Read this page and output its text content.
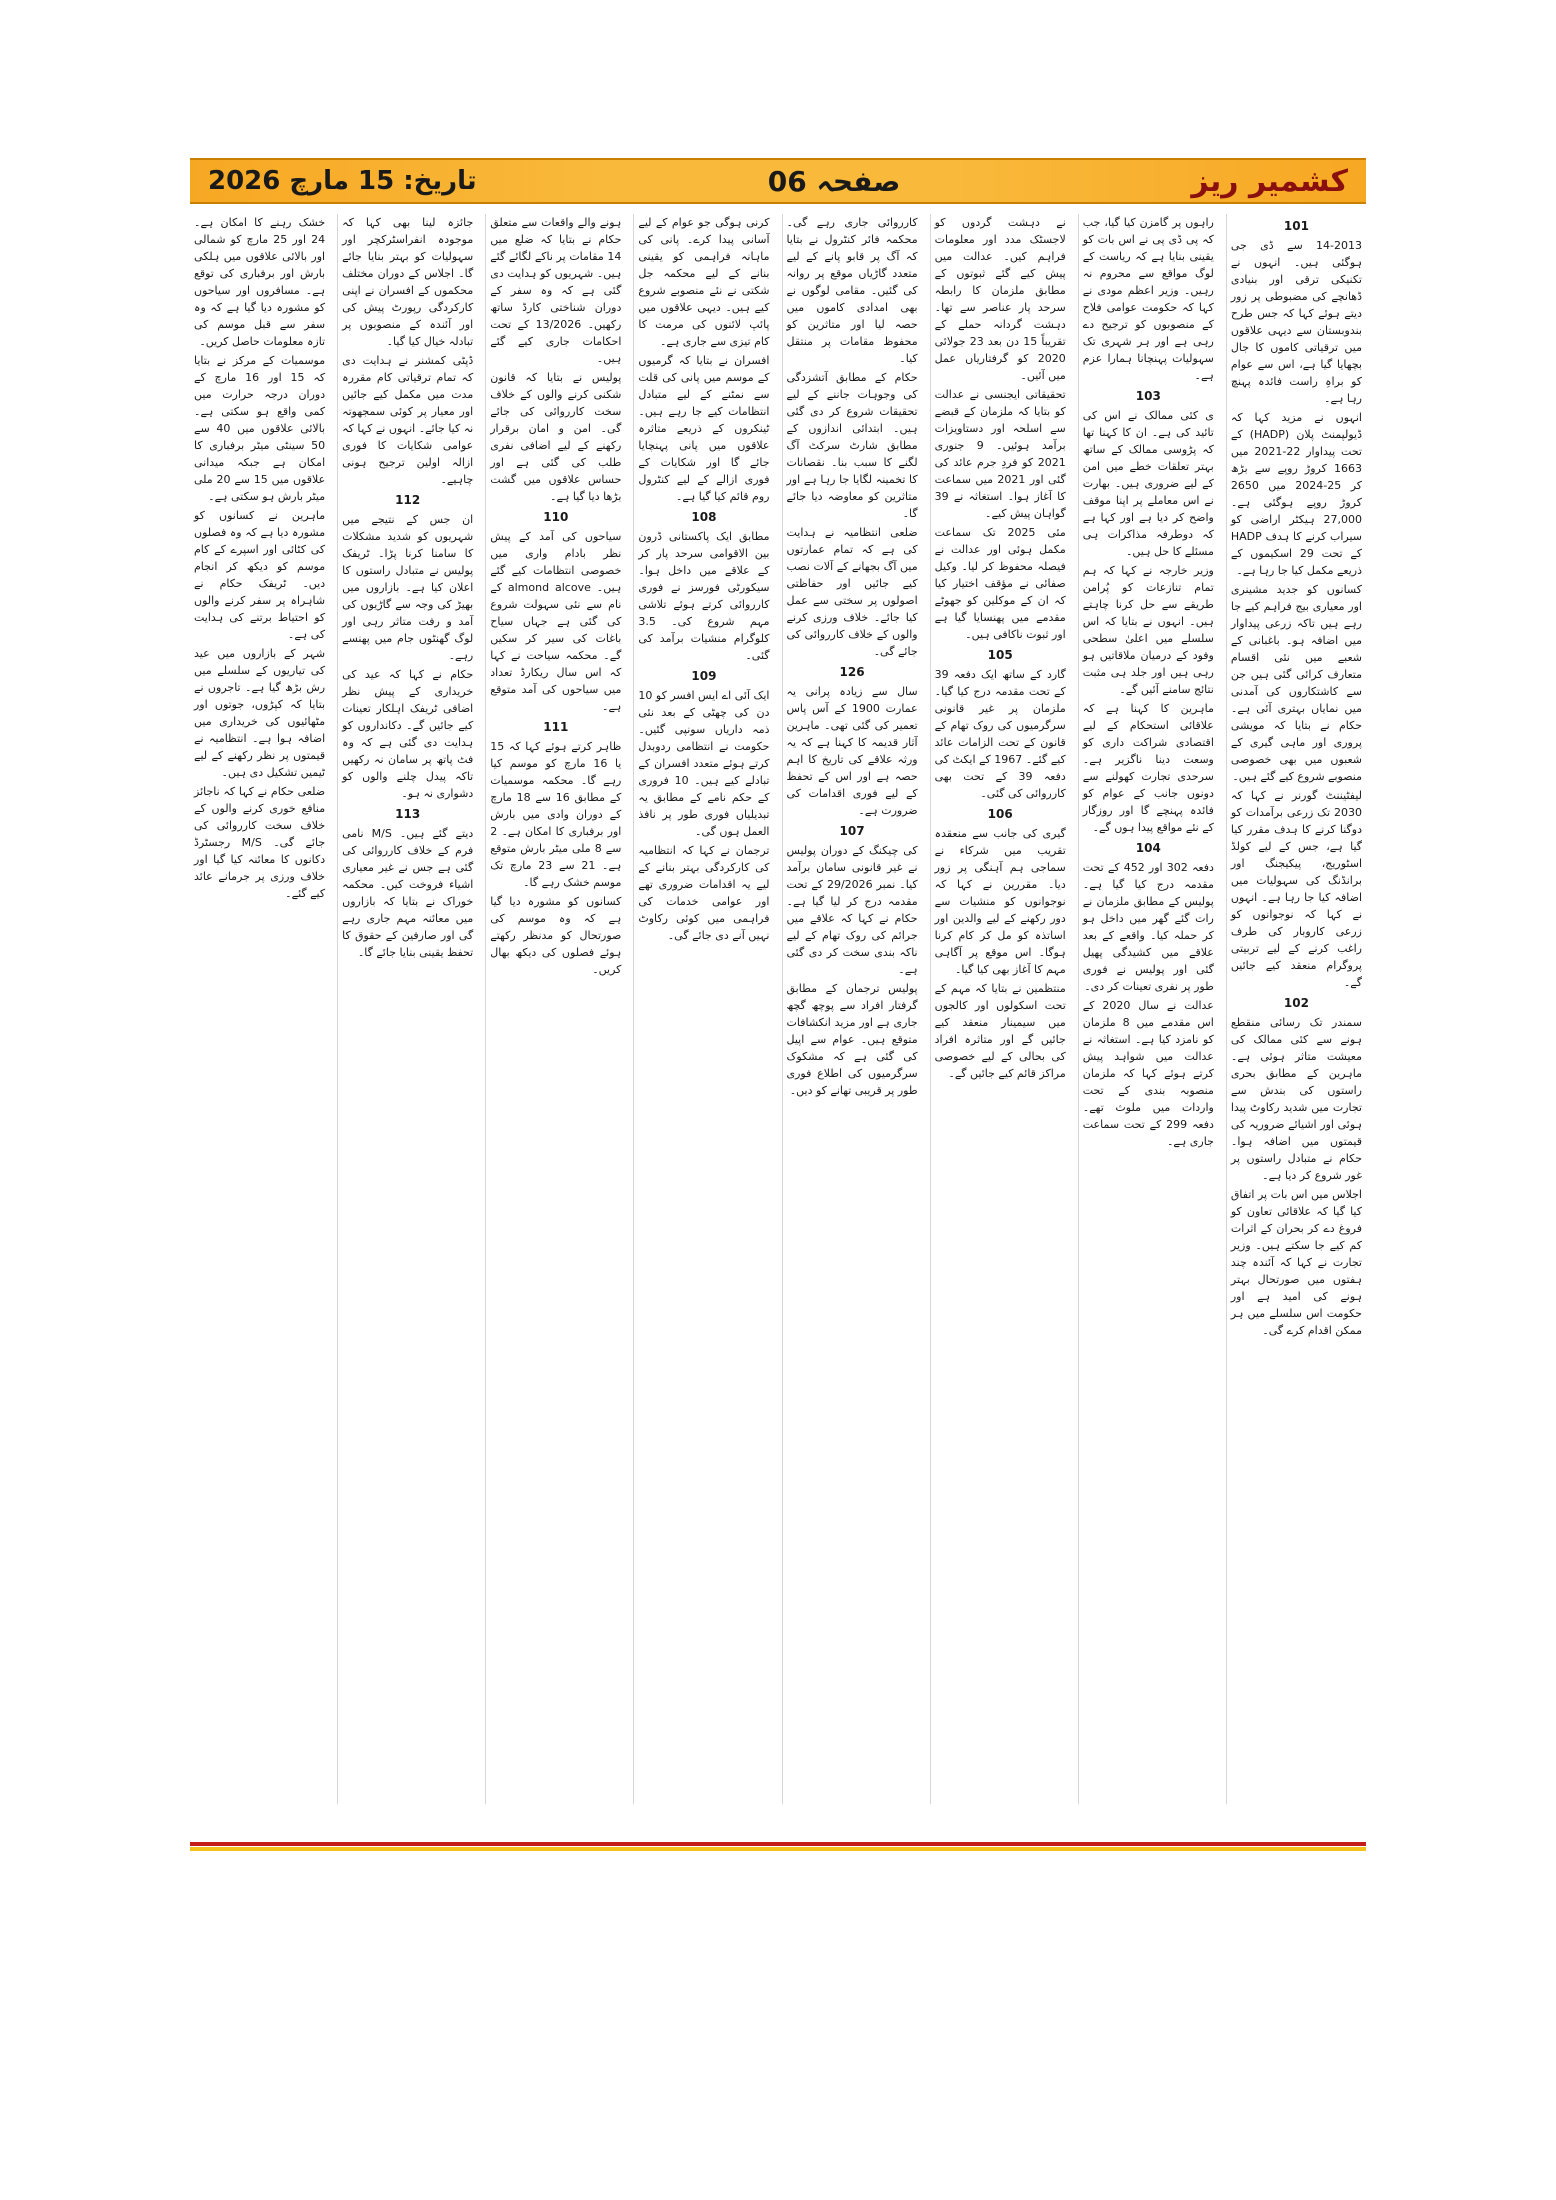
تاریخ: 15 مارچ 2026	صفحہ 06	کشمیر ریز
101

14-2013 سے ڈی جی ہوگئی ہیں۔ انہوں نے تکنیکی ترقی اور بنیادی ڈھانچے کی مضبوطی پر زور دیتے ہوئے کہا کہ جس طرح بندوبستان سے دیہی علاقوں میں ترقیاتی کاموں کا جال بچھایا گیا ہے، اس سے عوام کو براہِ راست فائدہ پہنچ رہا ہے۔

انہوں نے مزید کہا کہ ڈیولپمنٹ پلان (HADP) کے تحت پیداوار 22-2021 میں 1663 کروڑ روپے سے بڑھ کر 25-2024 میں 2650 کروڑ روپے ہوگئی ہے۔ 27,000 ہیکٹر اراضی کو سیراب کرنے کا ہدف HADP کے تحت 29 اسکیموں کے ذریعے مکمل کیا جا رہا ہے۔

کسانوں کو جدید مشینری اور معیاری بیج فراہم کیے جا رہے ہیں تاکہ زرعی پیداوار میں اضافہ ہو۔ باغبانی کے شعبے میں نئی اقسام متعارف کرائی گئی ہیں جن سے کاشتکاروں کی آمدنی میں نمایاں بہتری آئی ہے۔ حکام نے بتایا کہ مویشی پروری اور ماہی گیری کے شعبوں میں بھی خصوصی منصوبے شروع کیے گئے ہیں۔

لیفٹیننٹ گورنر نے کہا کہ 2030 تک زرعی برآمدات کو دوگنا کرنے کا ہدف مقرر کیا گیا ہے، جس کے لیے کولڈ اسٹوریج، پیکیجنگ اور برانڈنگ کی سہولیات میں اضافہ کیا جا رہا ہے۔ انہوں نے کہا کہ نوجوانوں کو زرعی کاروبار کی طرف راغب کرنے کے لیے تربیتی پروگرام منعقد کیے جائیں گے۔

102

سمندر تک رسائی منقطع ہونے سے کئی ممالک کی معیشت متاثر ہوئی ہے۔ ماہرین کے مطابق بحری راستوں کی بندش سے تجارت میں شدید رکاوٹ پیدا ہوئی اور اشیائے ضروریہ کی قیمتوں میں اضافہ ہوا۔ حکام نے متبادل راستوں پر غور شروع کر دیا ہے۔

اجلاس میں اس بات پر اتفاق کیا گیا کہ علاقائی تعاون کو فروغ دے کر بحران کے اثرات کم کیے جا سکتے ہیں۔ وزیر تجارت نے کہا کہ آئندہ چند ہفتوں میں صورتحال بہتر ہونے کی امید ہے اور حکومت اس سلسلے میں ہر ممکن اقدام کرے گی۔

راہوں پر گامزن کیا گیا، جب کہ پی ڈی پی نے اس بات کو یقینی بنایا ہے کہ ریاست کے لوگ مواقع سے محروم نہ رہیں۔ وزیر اعظم مودی نے کہا کہ حکومت عوامی فلاح کے منصوبوں کو ترجیح دے رہی ہے اور ہر شہری تک سہولیات پہنچانا ہمارا عزم ہے۔

103

ی کئی ممالک نے اس کی تائید کی ہے۔ ان کا کہنا تھا کہ پڑوسی ممالک کے ساتھ بہتر تعلقات خطے میں امن کے لیے ضروری ہیں۔ بھارت نے اس معاملے پر اپنا موقف واضح کر دیا ہے اور کہا ہے کہ دوطرفہ مذاکرات ہی مسئلے کا حل ہیں۔

وزیر خارجہ نے کہا کہ ہم تمام تنازعات کو پُرامن طریقے سے حل کرنا چاہتے ہیں۔ انہوں نے بتایا کہ اس سلسلے میں اعلیٰ سطحی وفود کے درمیان ملاقاتیں ہو رہی ہیں اور جلد ہی مثبت نتائج سامنے آئیں گے۔

ماہرین کا کہنا ہے کہ علاقائی استحکام کے لیے اقتصادی شراکت داری کو وسعت دینا ناگزیر ہے۔ سرحدی تجارت کھولنے سے دونوں جانب کے عوام کو فائدہ پہنچے گا اور روزگار کے نئے مواقع پیدا ہوں گے۔

104

دفعہ 302 اور 452 کے تحت مقدمہ درج کیا گیا ہے۔ پولیس کے مطابق ملزمان نے رات گئے گھر میں داخل ہو کر حملہ کیا۔ واقعے کے بعد علاقے میں کشیدگی پھیل گئی اور پولیس نے فوری طور پر نفری تعینات کر دی۔

عدالت نے سال 2020 کے اس مقدمے میں 8 ملزمان کو نامزد کیا ہے۔ استغاثہ نے عدالت میں شواہد پیش کرتے ہوئے کہا کہ ملزمان منصوبہ بندی کے تحت واردات میں ملوث تھے۔ دفعہ 299 کے تحت سماعت جاری ہے۔

نے دہشت گردوں کو لاجسٹک مدد اور معلومات فراہم کیں۔ عدالت میں پیش کیے گئے ثبوتوں کے مطابق ملزمان کا رابطہ سرحد پار عناصر سے تھا۔ دہشت گردانہ حملے کے تقریباً 15 دن بعد 23 جولائی 2020 کو گرفتاریاں عمل میں آئیں۔

تحقیقاتی ایجنسی نے عدالت کو بتایا کہ ملزمان کے قبضے سے اسلحہ اور دستاویزات برآمد ہوئیں۔ 9 جنوری 2021 کو فردِ جرم عائد کی گئی اور 2021 میں سماعت کا آغاز ہوا۔ استغاثہ نے 39 گواہان پیش کیے۔

مئی 2025 تک سماعت مکمل ہوئی اور عدالت نے فیصلہ محفوظ کر لیا۔ وکیل صفائی نے مؤقف اختیار کیا کہ ان کے موکلین کو جھوٹے مقدمے میں پھنسایا گیا ہے اور ثبوت ناکافی ہیں۔

105

گارد کے ساتھ ایک دفعہ 39 کے تحت مقدمہ درج کیا گیا۔ ملزمان پر غیر قانونی سرگرمیوں کی روک تھام کے قانون کے تحت الزامات عائد کیے گئے۔ 1967 کے ایکٹ کی دفعہ 39 کے تحت بھی کارروائی کی گئی۔

106

گیری کی جانب سے منعقدہ تقریب میں شرکاء نے سماجی ہم آہنگی پر زور دیا۔ مقررین نے کہا کہ نوجوانوں کو منشیات سے دور رکھنے کے لیے والدین اور اساتذہ کو مل کر کام کرنا ہوگا۔ اس موقع پر آگاہی مہم کا آغاز بھی کیا گیا۔

منتظمین نے بتایا کہ مہم کے تحت اسکولوں اور کالجوں میں سیمینار منعقد کیے جائیں گے اور متاثرہ افراد کی بحالی کے لیے خصوصی مراکز قائم کیے جائیں گے۔

کارروائی جاری رہے گی۔ محکمہ فائر کنٹرول نے بتایا کہ آگ پر قابو پانے کے لیے متعدد گاڑیاں موقع پر روانہ کی گئیں۔ مقامی لوگوں نے بھی امدادی کاموں میں حصہ لیا اور متاثرین کو محفوظ مقامات پر منتقل کیا۔

حکام کے مطابق آتشزدگی کی وجوہات جاننے کے لیے تحقیقات شروع کر دی گئی ہیں۔ ابتدائی اندازوں کے مطابق شارٹ سرکٹ آگ لگنے کا سبب بنا۔ نقصانات کا تخمینہ لگایا جا رہا ہے اور متاثرین کو معاوضہ دیا جائے گا۔

ضلعی انتظامیہ نے ہدایت کی ہے کہ تمام عمارتوں میں آگ بجھانے کے آلات نصب کیے جائیں اور حفاظتی اصولوں پر سختی سے عمل کیا جائے۔ خلاف ورزی کرنے والوں کے خلاف کارروائی کی جائے گی۔

126

سال سے زیادہ پرانی یہ عمارت 1900 کے آس پاس تعمیر کی گئی تھی۔ ماہرین آثار قدیمہ کا کہنا ہے کہ یہ ورثہ علاقے کی تاریخ کا اہم حصہ ہے اور اس کے تحفظ کے لیے فوری اقدامات کی ضرورت ہے۔

107

کی چیکنگ کے دوران پولیس نے غیر قانونی سامان برآمد کیا۔ نمبر 29/2026 کے تحت مقدمہ درج کر لیا گیا ہے۔ حکام نے کہا کہ علاقے میں جرائم کی روک تھام کے لیے ناکہ بندی سخت کر دی گئی ہے۔

پولیس ترجمان کے مطابق گرفتار افراد سے پوچھ گچھ جاری ہے اور مزید انکشافات متوقع ہیں۔ عوام سے اپیل کی گئی ہے کہ مشکوک سرگرمیوں کی اطلاع فوری طور پر قریبی تھانے کو دیں۔

کرنی ہوگی جو عوام کے لیے آسانی پیدا کرے۔ پانی کی ماہانہ فراہمی کو یقینی بنانے کے لیے محکمہ جل شکتی نے نئے منصوبے شروع کیے ہیں۔ دیہی علاقوں میں پائپ لائنوں کی مرمت کا کام تیزی سے جاری ہے۔

افسران نے بتایا کہ گرمیوں کے موسم میں پانی کی قلت سے نمٹنے کے لیے متبادل انتظامات کیے جا رہے ہیں۔ ٹینکروں کے ذریعے متاثرہ علاقوں میں پانی پہنچایا جائے گا اور شکایات کے فوری ازالے کے لیے کنٹرول روم قائم کیا گیا ہے۔

108

مطابق ایک پاکستانی ڈرون بین الاقوامی سرحد پار کر کے علاقے میں داخل ہوا۔ سیکورٹی فورسز نے فوری کارروائی کرتے ہوئے تلاشی مہم شروع کی۔ 3.5 کلوگرام منشیات برآمد کی گئی۔

109

ایک آئی اے ایس افسر کو 10 دن کی چھٹی کے بعد نئی ذمہ داریاں سونپی گئیں۔ حکومت نے انتظامی ردوبدل کرتے ہوئے متعدد افسران کے تبادلے کیے ہیں۔ 10 فروری کے حکم نامے کے مطابق یہ تبدیلیاں فوری طور پر نافذ العمل ہوں گی۔

ترجمان نے کہا کہ انتظامیہ کی کارکردگی بہتر بنانے کے لیے یہ اقدامات ضروری تھے اور عوامی خدمات کی فراہمی میں کوئی رکاوٹ نہیں آنے دی جائے گی۔

ہونے والے واقعات سے متعلق حکام نے بتایا کہ ضلع میں 14 مقامات پر ناکے لگائے گئے ہیں۔ شہریوں کو ہدایت دی گئی ہے کہ وہ سفر کے دوران شناختی کارڈ ساتھ رکھیں۔ 13/2026 کے تحت احکامات جاری کیے گئے ہیں۔

پولیس نے بتایا کہ قانون شکنی کرنے والوں کے خلاف سخت کارروائی کی جائے گی۔ امن و امان برقرار رکھنے کے لیے اضافی نفری طلب کی گئی ہے اور حساس علاقوں میں گشت بڑھا دیا گیا ہے۔

110

سیاحوں کی آمد کے پیش نظر بادام واری میں خصوصی انتظامات کیے گئے ہیں۔ almond alcove کے نام سے نئی سہولت شروع کی گئی ہے جہاں سیاح باغات کی سیر کر سکیں گے۔ محکمہ سیاحت نے کہا کہ اس سال ریکارڈ تعداد میں سیاحوں کی آمد متوقع ہے۔

111

ظاہر کرتے ہوئے کہا کہ 15 یا 16 مارچ کو موسم کیا رہے گا۔ محکمہ موسمیات کے مطابق 16 سے 18 مارچ کے دوران وادی میں بارش اور برفباری کا امکان ہے۔ 2 سے 8 ملی میٹر بارش متوقع ہے۔ 21 سے 23 مارچ تک موسم خشک رہے گا۔

کسانوں کو مشورہ دیا گیا ہے کہ وہ موسم کی صورتحال کو مدنظر رکھتے ہوئے فصلوں کی دیکھ بھال کریں۔

جائزہ لینا بھی کہا کہ موجودہ انفراسٹرکچر اور سہولیات کو بہتر بنایا جائے گا۔ اجلاس کے دوران مختلف محکموں کے افسران نے اپنی کارکردگی رپورٹ پیش کی اور آئندہ کے منصوبوں پر تبادلہ خیال کیا گیا۔

ڈپٹی کمشنر نے ہدایت دی کہ تمام ترقیاتی کام مقررہ مدت میں مکمل کیے جائیں اور معیار پر کوئی سمجھوتہ نہ کیا جائے۔ انہوں نے کہا کہ عوامی شکایات کا فوری ازالہ اولین ترجیح ہونی چاہیے۔

112

ان جس کے نتیجے میں شہریوں کو شدید مشکلات کا سامنا کرنا پڑا۔ ٹریفک پولیس نے متبادل راستوں کا اعلان کیا ہے۔ بازاروں میں بھیڑ کی وجہ سے گاڑیوں کی آمد و رفت متاثر رہی اور لوگ گھنٹوں جام میں پھنسے رہے۔

حکام نے کہا کہ عید کی خریداری کے پیش نظر اضافی ٹریفک اہلکار تعینات کیے جائیں گے۔ دکانداروں کو ہدایت دی گئی ہے کہ وہ فٹ پاتھ پر سامان نہ رکھیں تاکہ پیدل چلنے والوں کو دشواری نہ ہو۔

113

دیتے گئے ہیں۔ M/S نامی فرم کے خلاف کارروائی کی گئی ہے جس نے غیر معیاری اشیاء فروخت کیں۔ محکمہ خوراک نے بتایا کہ بازاروں میں معائنہ مہم جاری رہے گی اور صارفین کے حقوق کا تحفظ یقینی بنایا جائے گا۔

خشک رہنے کا امکان ہے۔ 24 اور 25 مارچ کو شمالی اور بالائی علاقوں میں ہلکی بارش اور برفباری کی توقع ہے۔ مسافروں اور سیاحوں کو مشورہ دیا گیا ہے کہ وہ سفر سے قبل موسم کی تازہ معلومات حاصل کریں۔

موسمیات کے مرکز نے بتایا کہ 15 اور 16 مارچ کے دوران درجہ حرارت میں کمی واقع ہو سکتی ہے۔ بالائی علاقوں میں 40 سے 50 سینٹی میٹر برفباری کا امکان ہے جبکہ میدانی علاقوں میں 15 سے 20 ملی میٹر بارش ہو سکتی ہے۔

ماہرین نے کسانوں کو مشورہ دیا ہے کہ وہ فصلوں کی کٹائی اور اسپرے کے کام موسم کو دیکھ کر انجام دیں۔ ٹریفک حکام نے شاہراہ پر سفر کرنے والوں کو احتیاط برتنے کی ہدایت کی ہے۔

شہر کے بازاروں میں عید کی تیاریوں کے سلسلے میں رش بڑھ گیا ہے۔ تاجروں نے بتایا کہ کپڑوں، جوتوں اور مٹھائیوں کی خریداری میں اضافہ ہوا ہے۔ انتظامیہ نے قیمتوں پر نظر رکھنے کے لیے ٹیمیں تشکیل دی ہیں۔

ضلعی حکام نے کہا کہ ناجائز منافع خوری کرنے والوں کے خلاف سخت کارروائی کی جائے گی۔ M/S رجسٹرڈ دکانوں کا معائنہ کیا گیا اور خلاف ورزی پر جرمانے عائد کیے گئے۔
